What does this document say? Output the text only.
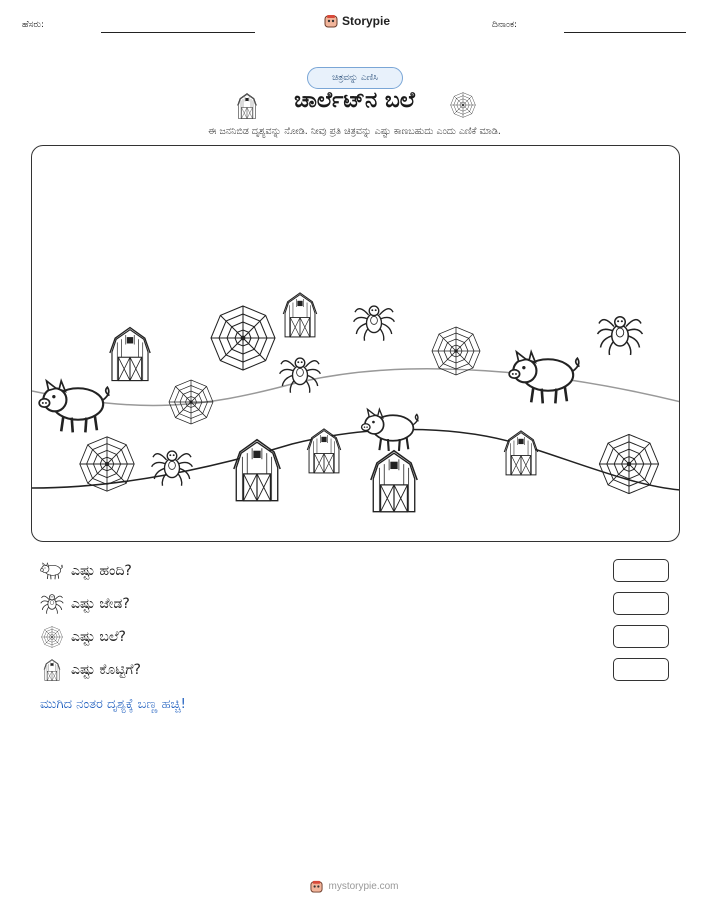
ಹೆಸರು:	Storypie	ದಿನಾಂಕ:
ಚಿತ್ರವನ್ನು ಎಣಿಸಿ
ಚಾರ್ಲೆಟ್‌ನ ಬಲೆ
ಈ ಜನನಿಬಿಡ ದೃಶ್ಯವನ್ನು ನೋಡಿ. ನೀವು ಪ್ರತಿ ಚಿತ್ರವನ್ನು ಎಷ್ಟು ಕಾಣಬಹುದು ಎಂದು ಎಣಿಕೆ ಮಾಡಿ.
ಎಷ್ಟು ಹಂದಿ?
ಎಷ್ಟು ಜೇಡ?
ಎಷ್ಟು ಬಲೆ?
ಎಷ್ಟು ಕೊಟ್ಟಿಗೆ?
ಮುಗಿದ ನಂತರ ದೃಶ್ಯಕ್ಕೆ ಬಣ್ಣ ಹಚ್ಚಿ!
mystorypie.com
